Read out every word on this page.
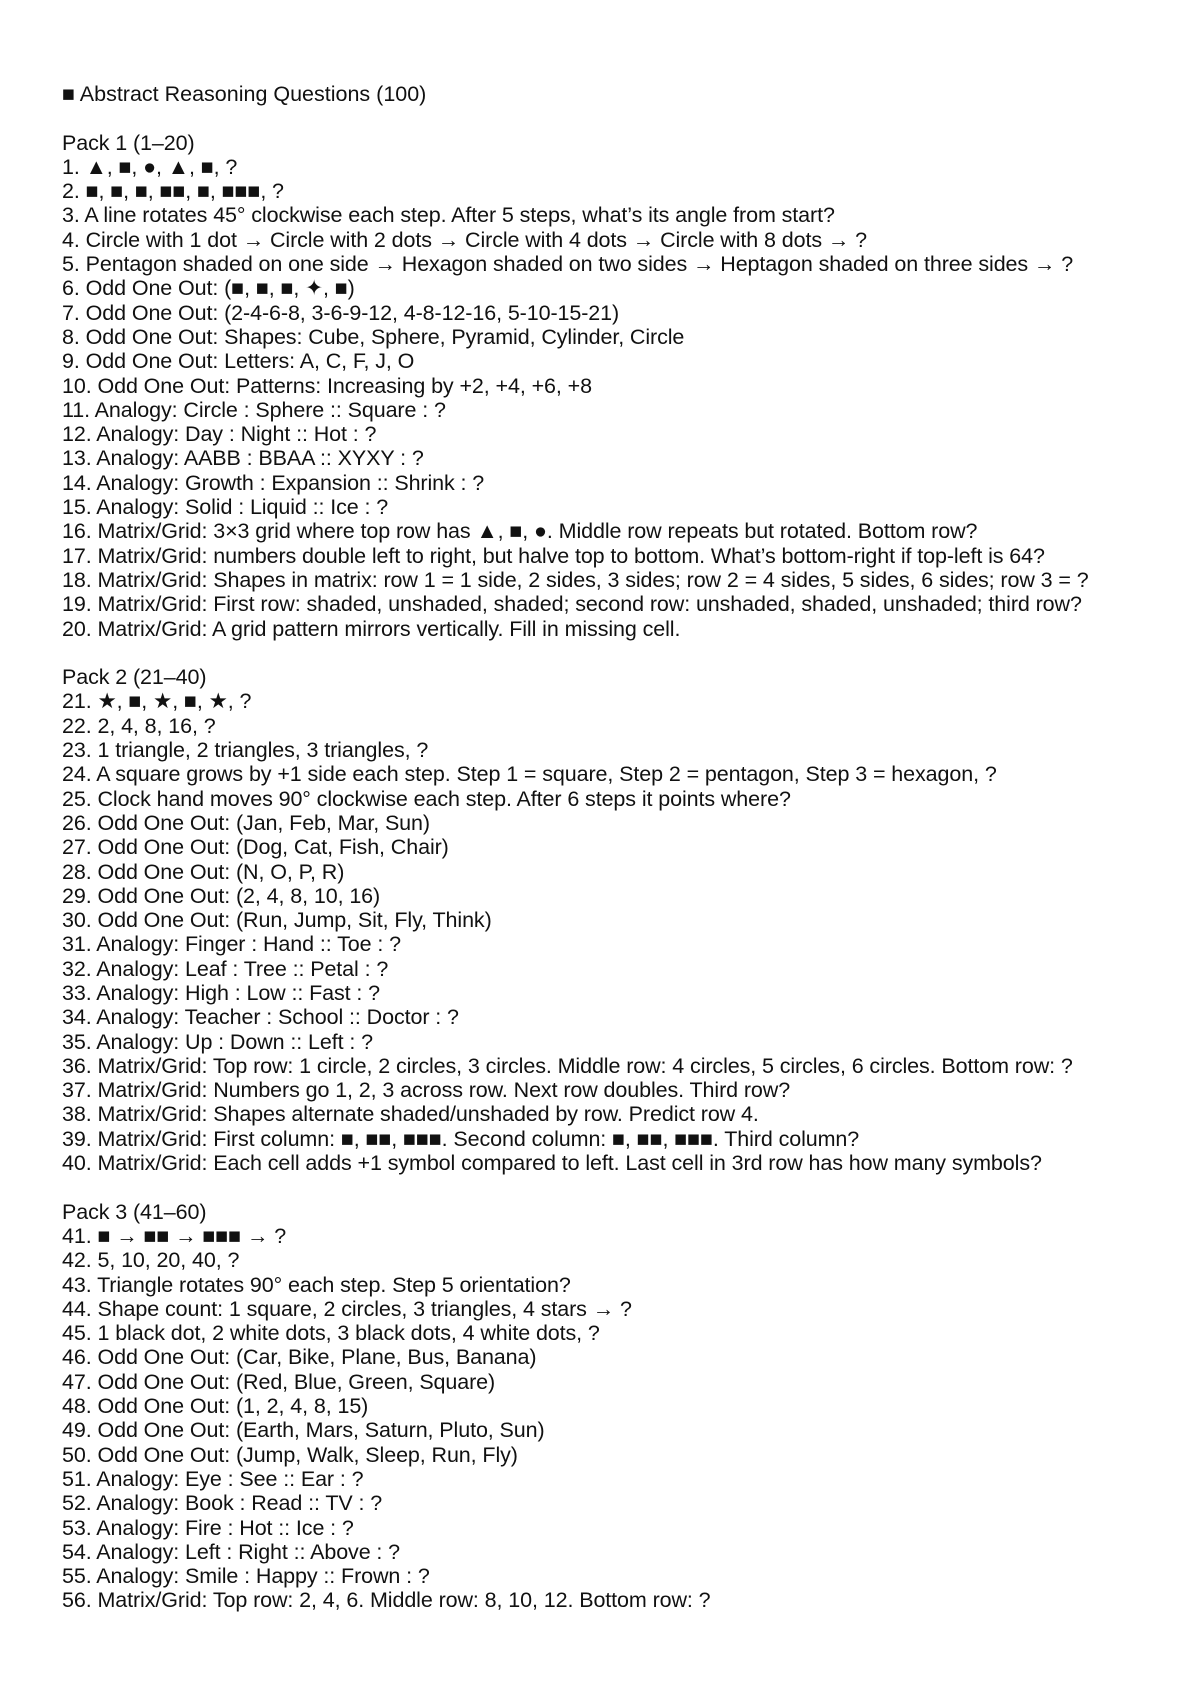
■ Abstract Reasoning Questions (100)
Pack 1 (1–20)
1. ▲, ■, ●, ▲, ■, ?
2. ■, ■, ■, ■■, ■, ■■■, ?
3. A line rotates 45° clockwise each step. After 5 steps, what’s its angle from start?
4. Circle with 1 dot → Circle with 2 dots → Circle with 4 dots → Circle with 8 dots → ?
5. Pentagon shaded on one side → Hexagon shaded on two sides → Heptagon shaded on three sides → ?
6. Odd One Out: (■, ■, ■, ✦, ■)
7. Odd One Out: (2-4-6-8, 3-6-9-12, 4-8-12-16, 5-10-15-21)
8. Odd One Out: Shapes: Cube, Sphere, Pyramid, Cylinder, Circle
9. Odd One Out: Letters: A, C, F, J, O
10. Odd One Out: Patterns: Increasing by +2, +4, +6, +8
11. Analogy: Circle : Sphere :: Square : ?
12. Analogy: Day : Night :: Hot : ?
13. Analogy: AABB : BBAA :: XYXY : ?
14. Analogy: Growth : Expansion :: Shrink : ?
15. Analogy: Solid : Liquid :: Ice : ?
16. Matrix/Grid: 3×3 grid where top row has ▲, ■, ●. Middle row repeats but rotated. Bottom row?
17. Matrix/Grid: numbers double left to right, but halve top to bottom. What’s bottom-right if top-left is 64?
18. Matrix/Grid: Shapes in matrix: row 1 = 1 side, 2 sides, 3 sides; row 2 = 4 sides, 5 sides, 6 sides; row 3 = ?
19. Matrix/Grid: First row: shaded, unshaded, shaded; second row: unshaded, shaded, unshaded; third row?
20. Matrix/Grid: A grid pattern mirrors vertically. Fill in missing cell.
Pack 2 (21–40)
21. ★, ■, ★, ■, ★, ?
22. 2, 4, 8, 16, ?
23. 1 triangle, 2 triangles, 3 triangles, ?
24. A square grows by +1 side each step. Step 1 = square, Step 2 = pentagon, Step 3 = hexagon, ?
25. Clock hand moves 90° clockwise each step. After 6 steps it points where?
26. Odd One Out: (Jan, Feb, Mar, Sun)
27. Odd One Out: (Dog, Cat, Fish, Chair)
28. Odd One Out: (N, O, P, R)
29. Odd One Out: (2, 4, 8, 10, 16)
30. Odd One Out: (Run, Jump, Sit, Fly, Think)
31. Analogy: Finger : Hand :: Toe : ?
32. Analogy: Leaf : Tree :: Petal : ?
33. Analogy: High : Low :: Fast : ?
34. Analogy: Teacher : School :: Doctor : ?
35. Analogy: Up : Down :: Left : ?
36. Matrix/Grid: Top row: 1 circle, 2 circles, 3 circles. Middle row: 4 circles, 5 circles, 6 circles. Bottom row: ?
37. Matrix/Grid: Numbers go 1, 2, 3 across row. Next row doubles. Third row?
38. Matrix/Grid: Shapes alternate shaded/unshaded by row. Predict row 4.
39. Matrix/Grid: First column: ■, ■■, ■■■. Second column: ■, ■■, ■■■. Third column?
40. Matrix/Grid: Each cell adds +1 symbol compared to left. Last cell in 3rd row has how many symbols?
Pack 3 (41–60)
41. ■ → ■■ → ■■■ → ?
42. 5, 10, 20, 40, ?
43. Triangle rotates 90° each step. Step 5 orientation?
44. Shape count: 1 square, 2 circles, 3 triangles, 4 stars → ?
45. 1 black dot, 2 white dots, 3 black dots, 4 white dots, ?
46. Odd One Out: (Car, Bike, Plane, Bus, Banana)
47. Odd One Out: (Red, Blue, Green, Square)
48. Odd One Out: (1, 2, 4, 8, 15)
49. Odd One Out: (Earth, Mars, Saturn, Pluto, Sun)
50. Odd One Out: (Jump, Walk, Sleep, Run, Fly)
51. Analogy: Eye : See :: Ear : ?
52. Analogy: Book : Read :: TV : ?
53. Analogy: Fire : Hot :: Ice : ?
54. Analogy: Left : Right :: Above : ?
55. Analogy: Smile : Happy :: Frown : ?
56. Matrix/Grid: Top row: 2, 4, 6. Middle row: 8, 10, 12. Bottom row: ?
